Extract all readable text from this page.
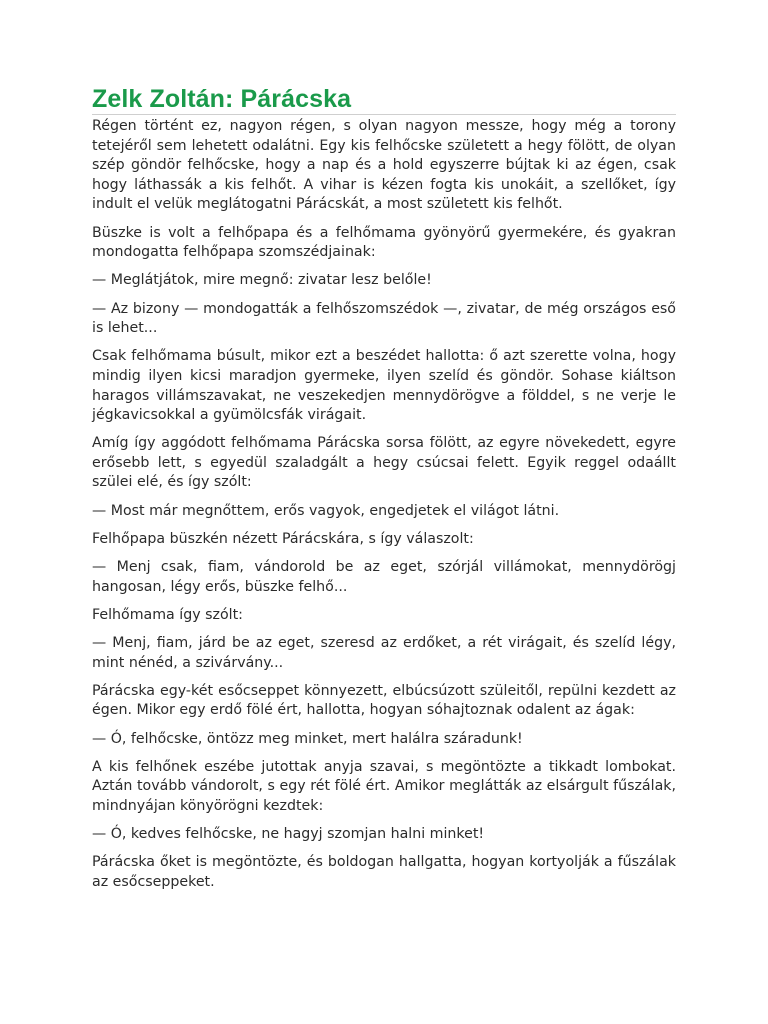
Zelk Zoltán: Párácska

Régen történt ez, nagyon régen, s olyan nagyon messze, hogy még a torony tetejéről sem lehetett odalátni. Egy kis felhőcske született a hegy fölött, de olyan szép göndör felhőcske, hogy a nap és a hold egyszerre bújtak ki az égen, csak hogy láthassák a kis felhőt. A vihar is kézen fogta kis unokáit, a szellőket, így indult el velük meglátogatni Párácskát, a most született kis felhőt.

Büszke is volt a felhőpapa és a felhőmama gyönyörű gyermekére, és gyakran mondogatta felhőpapa szomszédjainak:

— Meglátjátok, mire megnő: zivatar lesz belőle!

— Az bizony — mondogatták a felhőszomszédok —, zivatar, de még országos eső is lehet...

Csak felhőmama búsult, mikor ezt a beszédet hallotta: ő azt szerette volna, hogy mindig ilyen kicsi maradjon gyermeke, ilyen szelíd és göndör. Sohase kiáltson haragos villámszavakat, ne veszekedjen mennydörögve a földdel, s ne verje le jégkavicsokkal a gyümölcsfák virágait.

Amíg így aggódott felhőmama Párácska sorsa fölött, az egyre növekedett, egyre erősebb lett, s egyedül szaladgált a hegy csúcsai felett. Egyik reggel odaállt szülei elé, és így szólt:

— Most már megnőttem, erős vagyok, engedjetek el világot látni.

Felhőpapa büszkén nézett Párácskára, s így válaszolt:

— Menj csak, fiam, vándorold be az eget, szórjál villámokat, mennydörögj hangosan, légy erős, büszke felhő...

Felhőmama így szólt:

— Menj, fiam, járd be az eget, szeresd az erdőket, a rét virágait, és szelíd légy, mint nénéd, a szivárvány...

Párácska egy-két esőcseppet könnyezett, elbúcsúzott szüleitől, repülni kezdett az égen. Mikor egy erdő fölé ért, hallotta, hogyan sóhajtoznak odalent az ágak:

— Ó, felhőcske, öntözz meg minket, mert halálra száradunk!

A kis felhőnek eszébe jutottak anyja szavai, s megöntözte a tikkadt lombokat. Aztán tovább vándorolt, s egy rét fölé ért. Amikor meglátták az elsárgult fűszálak, mindnyájan könyörögni kezdtek:

— Ó, kedves felhőcske, ne hagyj szomjan halni minket!

Párácska őket is megöntözte, és boldogan hallgatta, hogyan kortyolják a fűszálak az esőcseppeket.
